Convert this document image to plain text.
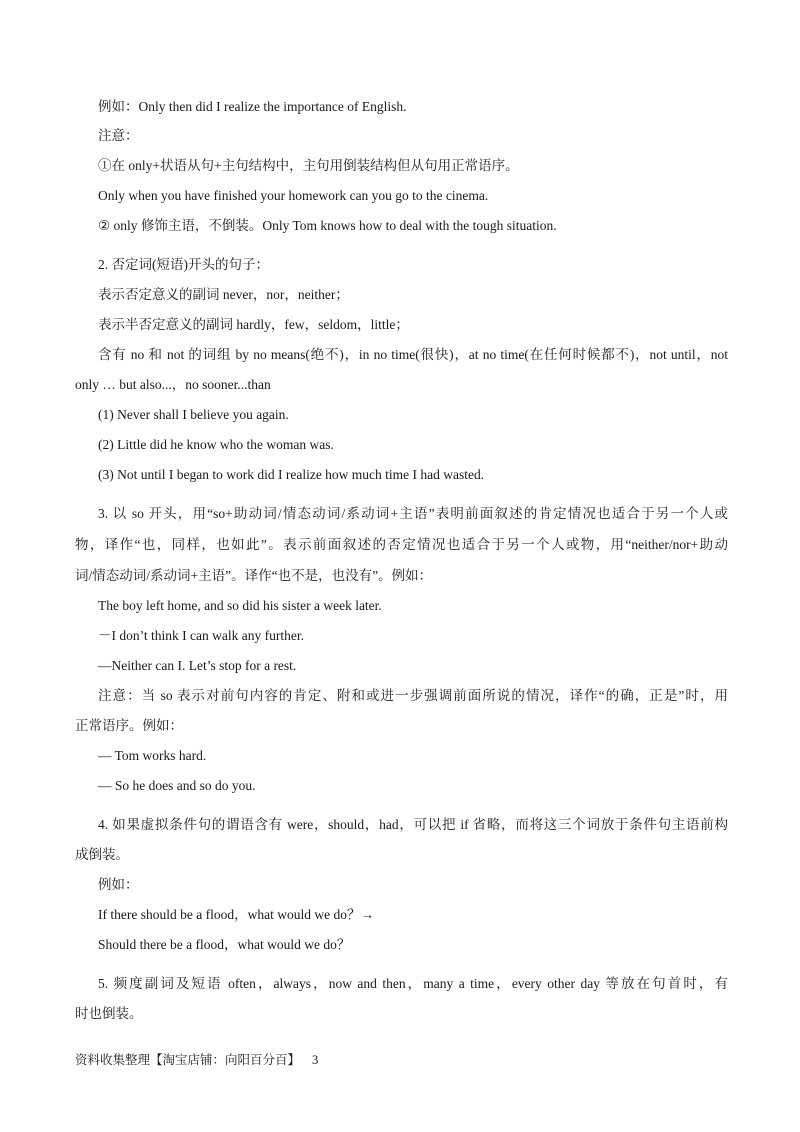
例如：Only then did I realize the importance of English.
注意：
①在 only+状语从句+主句结构中，主句用倒装结构但从句用正常语序。
Only when you have finished your homework can you go to the cinema.
② only 修饰主语，不倒装。Only Tom knows how to deal with the tough situation.
2. 否定词(短语)开头的句子：
表示否定意义的副词 never，nor，neither；
表示半否定意义的副词 hardly，few，seldom，little；
含有 no 和 not 的词组 by no means(绝不)，in no time(很快)，at no time(在任何时候都不)，not until，not
only … but also...，no sooner...than
(1) Never shall I believe you again.
(2) Little did he know who the woman was.
(3) Not until I began to work did I realize how much time I had wasted.
3. 以 so 开头，用“so+助动词/情态动词/系动词+主语”表明前面叙述的肯定情况也适合于另一个人或
物，译作“也，同样，也如此”。表示前面叙述的否定情况也适合于另一个人或物，用“neither/nor+助动
词/情态动词/系动词+主语”。译作“也不是，也没有”。例如：
The boy left home, and so did his sister a week later.
－I don’t think I can walk any further.
—Neither can I. Let’s stop for a rest.
注意：当 so 表示对前句内容的肯定、附和或进一步强调前面所说的情况，译作“的确，正是”时，用
正常语序。例如：
— Tom works hard.
— So he does and so do you.
4. 如果虚拟条件句的谓语含有 were，should，had，可以把 if 省略，而将这三个词放于条件句主语前构
成倒装。
例如：
If there should be a flood，what would we do？→
Should there be a flood，what would we do？
5. 频度副词及短语 often，always，now and then，many a time，every other day 等放在句首时，有
时也倒装。
资料收集整理【淘宝店铺：向阳百分百】 3
